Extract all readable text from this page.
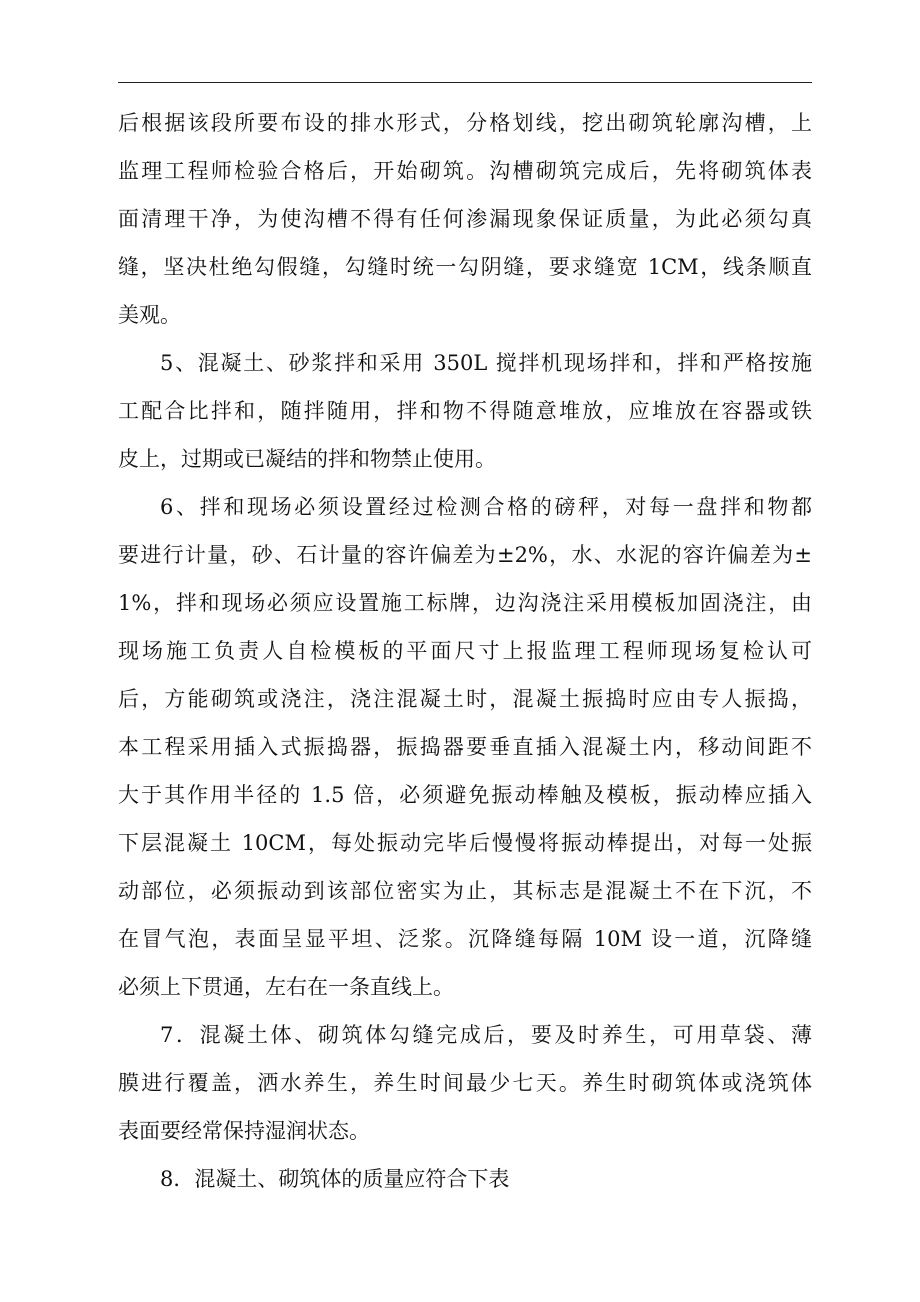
后根据该段所要布设的排水形式，分格划线，挖出砌筑轮廓沟槽，上
监理工程师检验合格后，开始砌筑。沟槽砌筑完成后，先将砌筑体表
面清理干净，为使沟槽不得有任何渗漏现象保证质量，为此必须勾真
缝，坚决杜绝勾假缝，勾缝时统一勾阴缝，要求缝宽 1CM，线条顺直
美观。
5、混凝土、砂浆拌和采用 350L 搅拌机现场拌和，拌和严格按施
工配合比拌和，随拌随用，拌和物不得随意堆放，应堆放在容器或铁
皮上，过期或已凝结的拌和物禁止使用。
6、拌和现场必须设置经过检测合格的磅秤，对每一盘拌和物都
要进行计量，砂、石计量的容许偏差为±2%，水、水泥的容许偏差为±
1%，拌和现场必须应设置施工标牌，边沟浇注采用模板加固浇注，由
现场施工负责人自检模板的平面尺寸上报监理工程师现场复检认可
后，方能砌筑或浇注，浇注混凝土时，混凝土振捣时应由专人振捣，
本工程采用插入式振捣器，振捣器要垂直插入混凝土内，移动间距不
大于其作用半径的 1.5 倍，必须避免振动棒触及模板，振动棒应插入
下层混凝土 10CM，每处振动完毕后慢慢将振动棒提出，对每一处振
动部位，必须振动到该部位密实为止，其标志是混凝土不在下沉，不
在冒气泡，表面呈显平坦、泛浆。沉降缝每隔 10M 设一道，沉降缝
必须上下贯通，左右在一条直线上。
7．混凝土体、砌筑体勾缝完成后，要及时养生，可用草袋、薄
膜进行覆盖，洒水养生，养生时间最少七天。养生时砌筑体或浇筑体
表面要经常保持湿润状态。
8．混凝土、砌筑体的质量应符合下表
